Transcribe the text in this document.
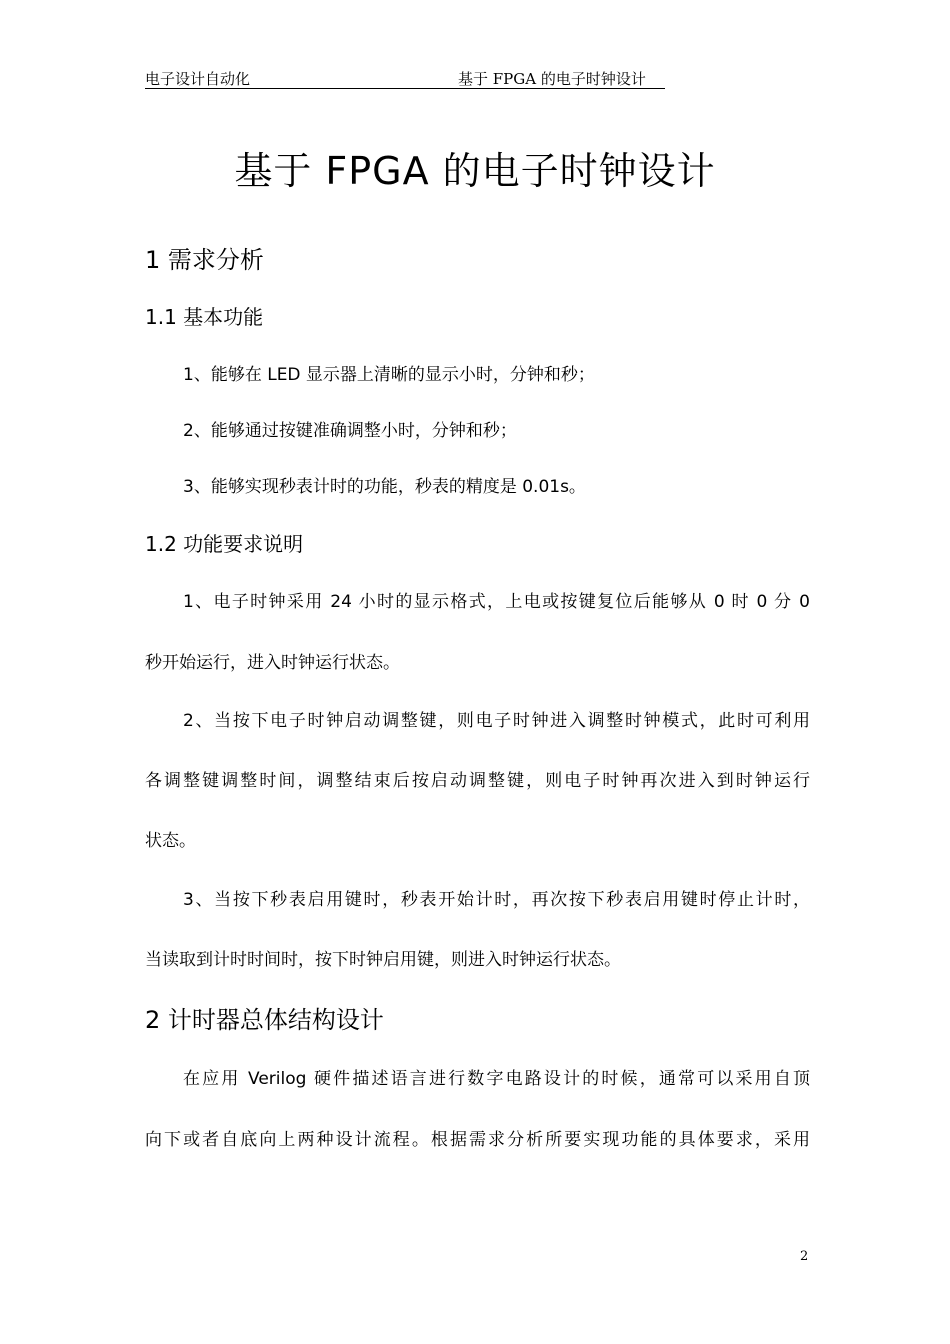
电子设计自动化	基于 FPGA 的电子时钟设计
基于 FPGA 的电子时钟设计
1 需求分析
1.1 基本功能

1、能够在 LED 显示器上清晰的显示小时，分钟和秒；

2、能够通过按键准确调整小时，分钟和秒；

3、能够实现秒表计时的功能，秒表的精度是 0.01s。

1.2 功能要求说明

1、电子时钟采用 24 小时的显示格式，上电或按键复位后能够从 0 时 0 分 0

秒开始运行，进入时钟运行状态。

2、当按下电子时钟启动调整键，则电子时钟进入调整时钟模式，此时可利用

各调整键调整时间，调整结束后按启动调整键，则电子时钟再次进入到时钟运行

状态。

3、当按下秒表启用键时，秒表开始计时，再次按下秒表启用键时停止计时，

当读取到计时时间时，按下时钟启用键，则进入时钟运行状态。

2 计时器总体结构设计

在应用 Verilog 硬件描述语言进行数字电路设计的时候，通常可以采用自顶

向下或者自底向上两种设计流程。根据需求分析所要实现功能的具体要求，采用

2
